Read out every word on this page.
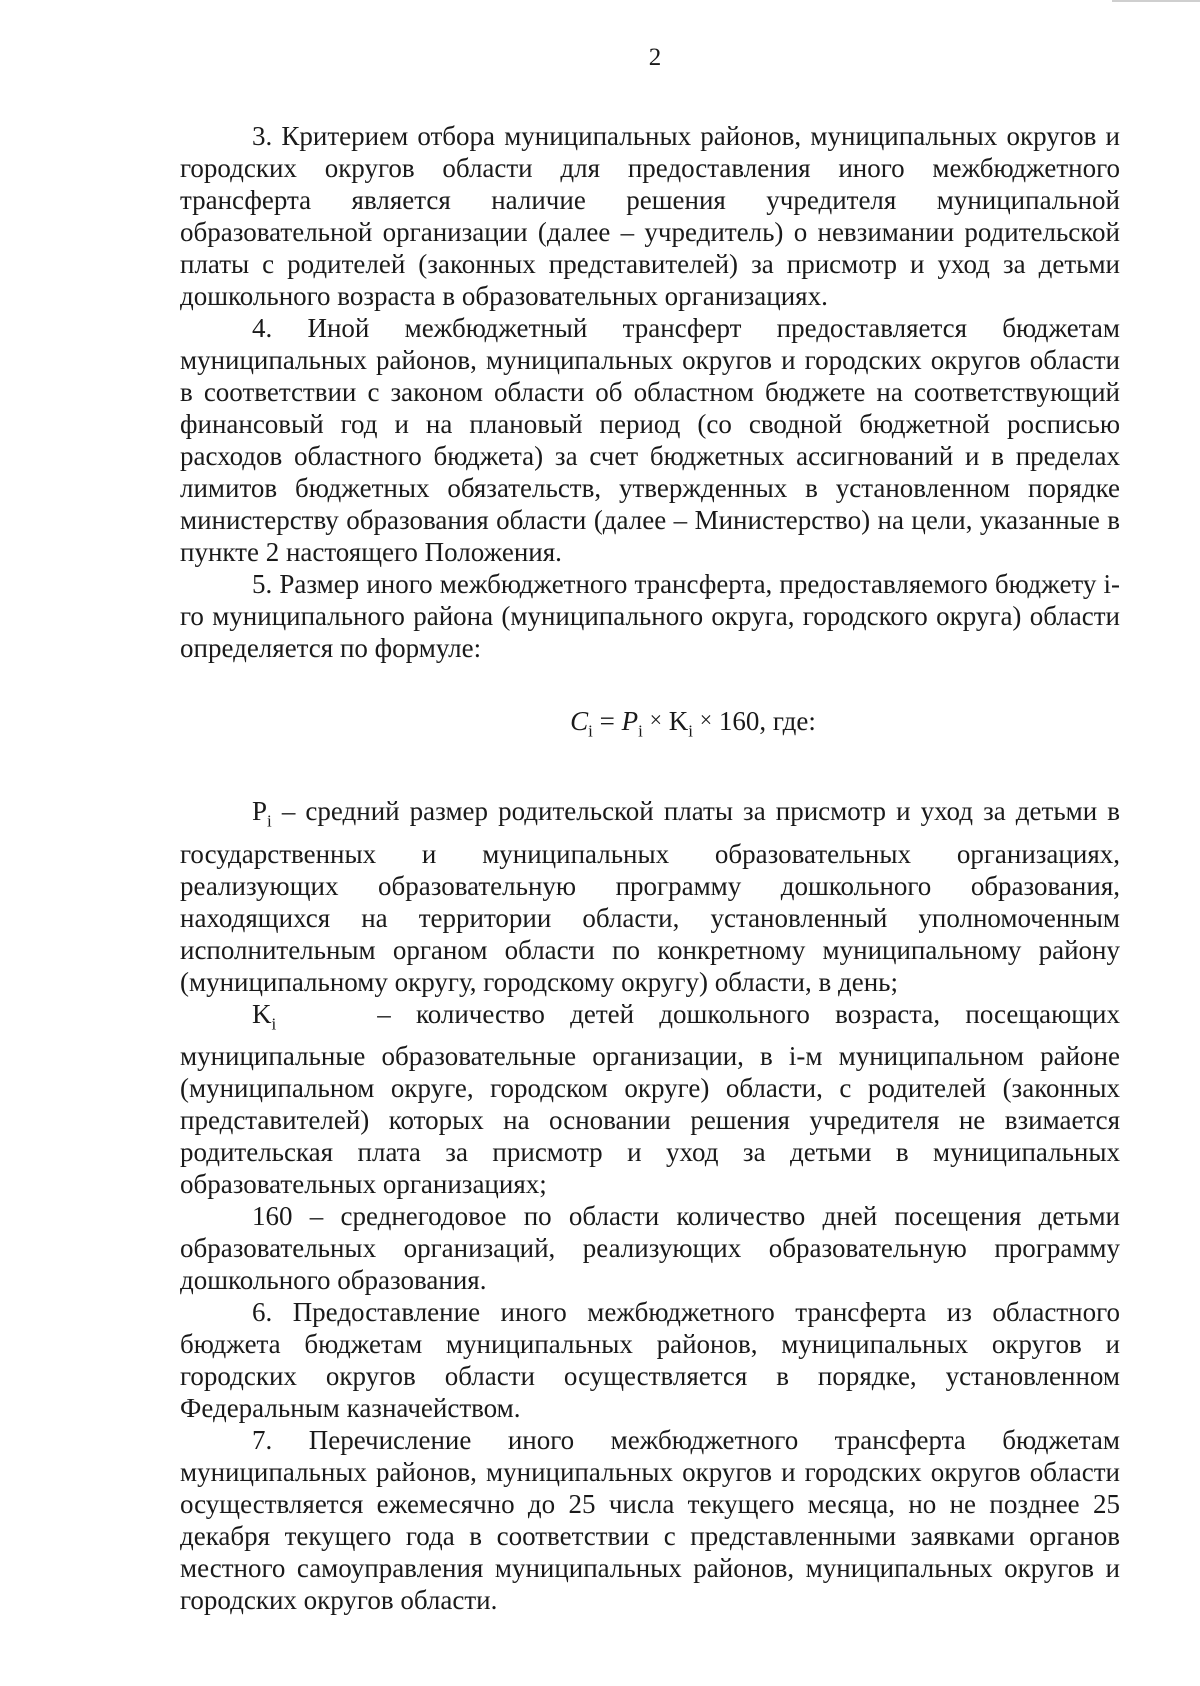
2

3. Критерием отбора муниципальных районов, муниципальных округов и городских округов области для предоставления иного межбюджетного трансферта является наличие решения учредителя муниципальной образовательной организации (далее – учредитель) о невзимании родительской платы с родителей (законных представителей) за присмотр и уход за детьми дошкольного возраста в образовательных организациях.

4. Иной межбюджетный трансферт предоставляется бюджетам муниципальных районов, муниципальных округов и городских округов области в соответствии с законом области об областном бюджете на соответствующий финансовый год и на плановый период (со сводной бюджетной росписью расходов областного бюджета) за счет бюджетных ассигнований и в пределах лимитов бюджетных обязательств, утвержденных в установленном порядке министерству образования области (далее – Министерство) на цели, указанные в пункте 2 настоящего Положения.

5. Размер иного межбюджетного трансферта, предоставляемого бюджету i-го муниципального района (муниципального округа, городского округа) области определяется по формуле:

$C_i = P_i \times K_i \times 160$, где:

$P_i$ – средний размер родительской платы за присмотр и уход за детьми в государственных и муниципальных образовательных организациях, реализующих образовательную программу дошкольного образования, находящихся на территории области, установленный уполномоченным исполнительным органом области по конкретному муниципальному району (муниципальному округу, городскому округу) области, в день;

$K_i$	– количество детей дошкольного возраста, посещающих муниципальные образовательные организации, в i-м муниципальном районе (муниципальном округе, городском округе) области, с родителей (законных представителей) которых на основании решения учредителя не взимается родительская плата за присмотр и уход за детьми в муниципальных образовательных организациях;

160 – среднегодовое по области количество дней посещения детьми образовательных организаций, реализующих образовательную программу дошкольного образования.

6. Предоставление иного межбюджетного трансферта из областного бюджета бюджетам муниципальных районов, муниципальных округов и городских округов области осуществляется в порядке, установленном Федеральным казначейством.

7. Перечисление иного межбюджетного трансферта бюджетам муниципальных районов, муниципальных округов и городских округов области осуществляется ежемесячно до 25 числа текущего месяца, но не позднее 25 декабря текущего года в соответствии с представленными заявками органов местного самоуправления муниципальных районов, муниципальных округов и городских округов области.
